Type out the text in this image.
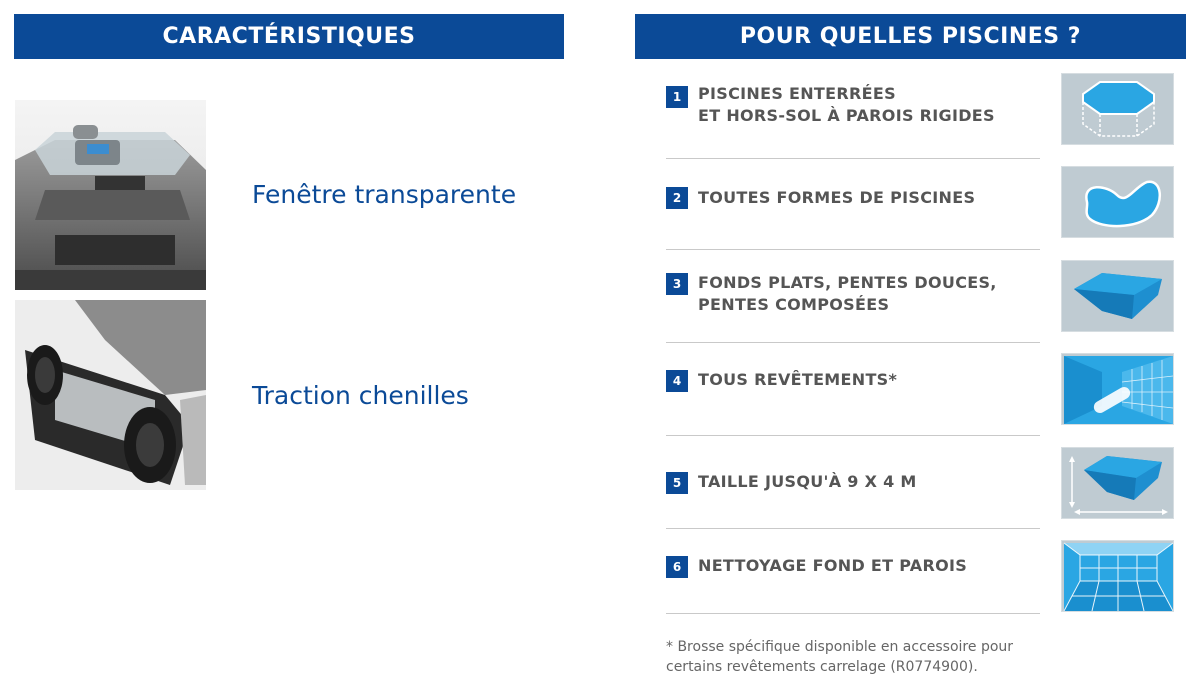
CARACTÉRISTIQUES	POUR QUELLES PISCINES ?
Fenêtre transparente
Traction chenilles
1	PISCINES ENTERRÉES
ET HORS-SOL À PAROIS RIGIDES
2	TOUTES FORMES DE PISCINES
3	FONDS PLATS, PENTES DOUCES,
PENTES COMPOSÉES
4	TOUS REVÊTEMENTS*
5	TAILLE JUSQU'À 9 X 4 M
6	NETTOYAGE FOND ET PAROIS
* Brosse spécifique disponible en accessoire pour
certains revêtements carrelage (R0774900).
